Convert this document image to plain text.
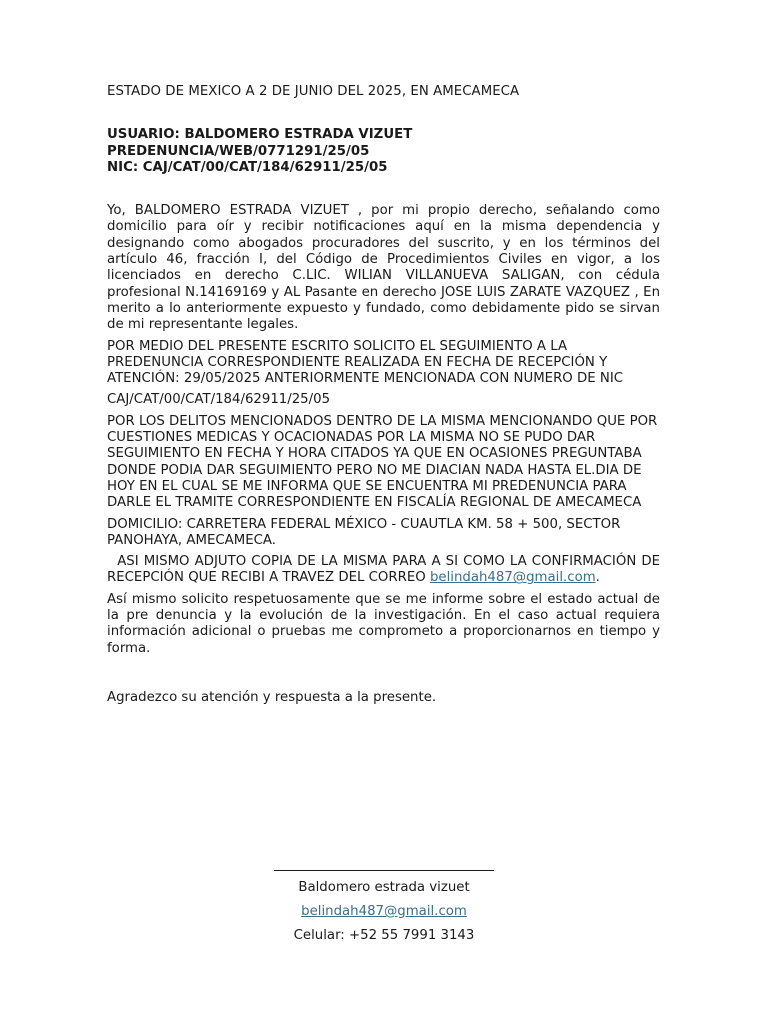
ESTADO DE MEXICO A 2 DE JUNIO DEL 2025, EN AMECAMECA

USUARIO: BALDOMERO ESTRADA VIZUET
PREDENUNCIA/WEB/0771291/25/05
NIC: CAJ/CAT/00/CAT/184/62911/25/05

Yo, BALDOMERO ESTRADA VIZUET , por mi propio derecho, señalando como domicilio para oír y recibir notificaciones aquí en la misma dependencia y designando como abogados procuradores del suscrito, y en los términos del artículo 46, fracción I, del Código de Procedimientos Civiles en vigor, a los licenciados en derecho C.LIC. WILIAN VILLANUEVA SALIGAN, con cédula profesional N.14169169 y AL Pasante en derecho JOSE LUIS ZARATE VAZQUEZ , En merito a lo anteriormente expuesto y fundado, como debidamente pido se sirvan de mi representante legales.

POR MEDIO DEL PRESENTE ESCRITO SOLICITO EL SEGUIMIENTO A LA PREDENUNCIA CORRESPONDIENTE REALIZADA EN FECHA DE RECEPCIÓN Y ATENCIÓN: 29/05/2025 ANTERIORMENTE MENCIONADA CON NUMERO DE NIC

CAJ/CAT/00/CAT/184/62911/25/05

POR LOS DELITOS MENCIONADOS DENTRO DE LA MISMA MENCIONANDO QUE POR CUESTIONES MEDICAS Y OCACIONADAS POR LA MISMA NO SE PUDO DAR SEGUIMIENTO EN FECHA Y HORA CITADOS YA QUE EN OCASIONES PREGUNTABA DONDE PODIA DAR SEGUIMIENTO PERO NO ME DIACIAN NADA HASTA EL.DIA DE HOY EN EL CUAL SE ME INFORMA QUE SE ENCUENTRA MI PREDENUNCIA PARA DARLE EL TRAMITE CORRESPONDIENTE EN FISCALÍA REGIONAL DE AMECAMECA

DOMICILIO: CARRETERA FEDERAL MÉXICO - CUAUTLA KM. 58 + 500, SECTOR PANOHAYA, AMECAMECA.

ASI MISMO ADJUTO COPIA DE LA MISMA PARA A SI COMO LA CONFIRMACIÓN DE RECEPCIÓN QUE RECIBI A TRAVEZ DEL CORREO belindah487@gmail.com.

Así mismo solicito respetuosamente que se me informe sobre el estado actual de la pre denuncia y la evolución de la investigación. En el caso actual requiera información adicional o pruebas me comprometo a proporcionarnos en tiempo y forma.

Agradezco su atención y respuesta a la presente.

Baldomero estrada vizuet
belindah487@gmail.com
Celular: +52 55 7991 3143
